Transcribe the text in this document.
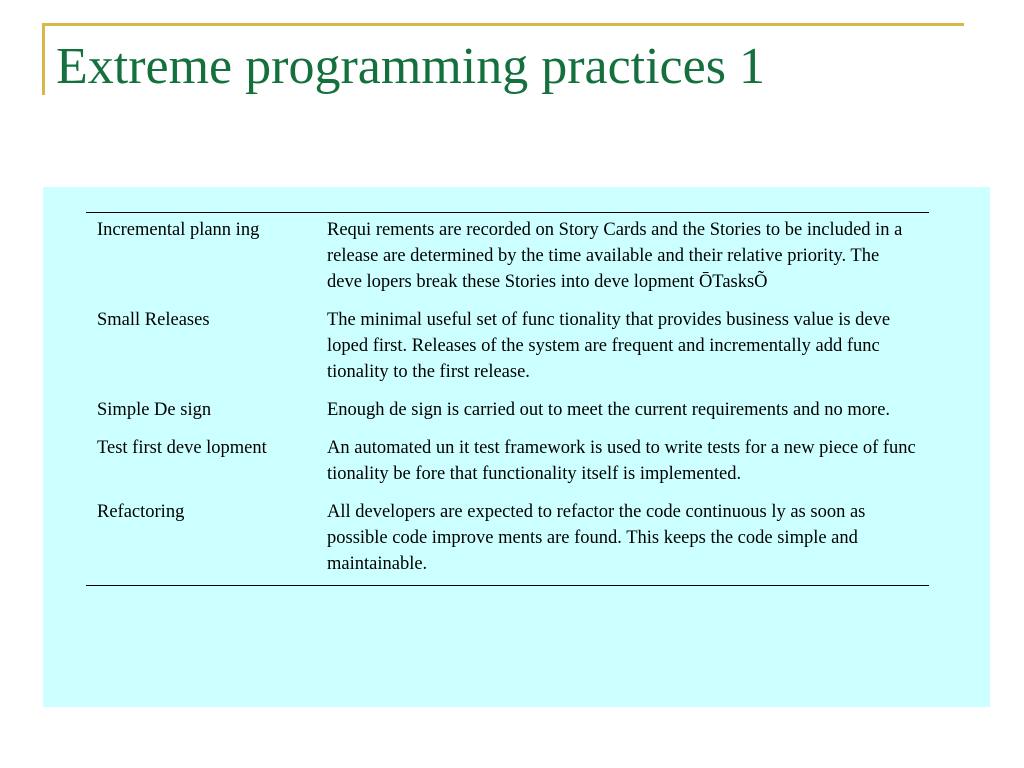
Extreme programming practices 1
Incremental plann ing	Requi rements are recorded on Story Cards and the Stories to be included in a release are determined by the time available and their relative priority. The deve lopers break these Stories into deve lopment ŌTasksÕ
Small Releases	The minimal useful set of func tionality that provides business value is deve loped first. Releases of the system are frequent and incrementally add func tionality to the first release.
Simple De sign	Enough de sign is carried out to meet the current requirements and no more.
Test first deve lopment	An automated un it test framework is used to write tests for a new piece of func tionality be fore that functionality itself is implemented.
Refactoring	All developers are expected to refactor the code continuous ly as soon as possible code improve ments are found. This keeps the code simple and maintainable.
